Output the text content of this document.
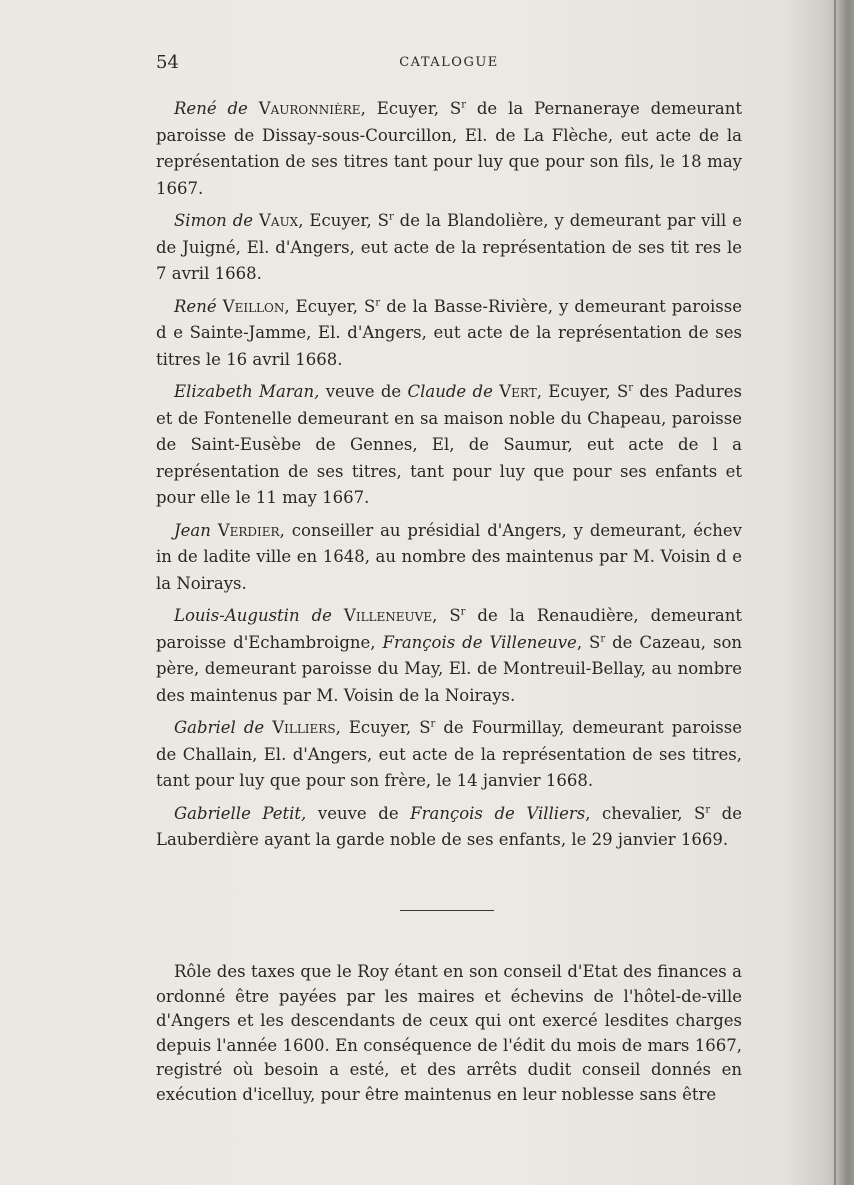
54	CATALOGUE

René de Vauronnière, Ecuyer, $S^r$ de la Pernaneraye demeurant paroisse de Dissay-sous-Courcillon, El. de La Flèche, eut acte de la représentation de ses titres tant pour luy que pour son fils, le 18 may 1667.

Simon de Vaux, Ecuyer, $S^r$ de la Blandolière, y demeurant par vill e de Juigné, El. d'Angers, eut acte de la représentation de ses tit res le 7 avril 1668.

René Veillon, Ecuyer, $S^r$ de la Basse-Rivière, y demeurant paroisse d e Sainte-Jamme, El. d'Angers, eut acte de la représentation de ses titres le 16 avril 1668.

Elizabeth Maran, veuve de Claude de Vert, Ecuyer, $S^r$ des Padures et de Fontenelle demeurant en sa maison noble du Chapeau, paroisse de Saint-Eusèbe de Gennes, El, de Saumur, eut acte de l a représentation de ses titres, tant pour luy que pour ses enfants et pour elle le 11 may 1667.

Jean Verdier, conseiller au présidial d'Angers, y demeurant, échev in de ladite ville en 1648, au nombre des maintenus par M. Voisin d e la Noirays.

Louis-Augustin de Villeneuve, $S^r$ de la Renaudière, demeurant paroisse d'Echambroigne, François de Villeneuve, $S^r$ de Cazeau, son père, demeurant paroisse du May, El. de Montreuil-Bellay, au nombre des maintenus par M. Voisin de la Noirays.

Gabriel de Villiers, Ecuyer, $S^r$ de Fourmillay, demeurant paroisse de Challain, El. d'Angers, eut acte de la représentation de ses titres, tant pour luy que pour son frère, le 14 janvier 1668.

Gabrielle Petit, veuve de François de Villiers, chevalier, $S^r$ de Lauberdière ayant la garde noble de ses enfants, le 29 janvier 1669.

Rôle des taxes que le Roy étant en son conseil d'Etat des finances a ordonné être payées par les maires et échevins de l'hôtel-de-ville d'Angers et les descendants de ceux qui ont exercé lesdites charges depuis l'année 1600. En conséquence de l'édit du mois de mars 1667, registré où besoin a esté, et des arrêts dudit conseil donnés en exécution d'icelluy, pour être maintenus en leur noblesse sans être
